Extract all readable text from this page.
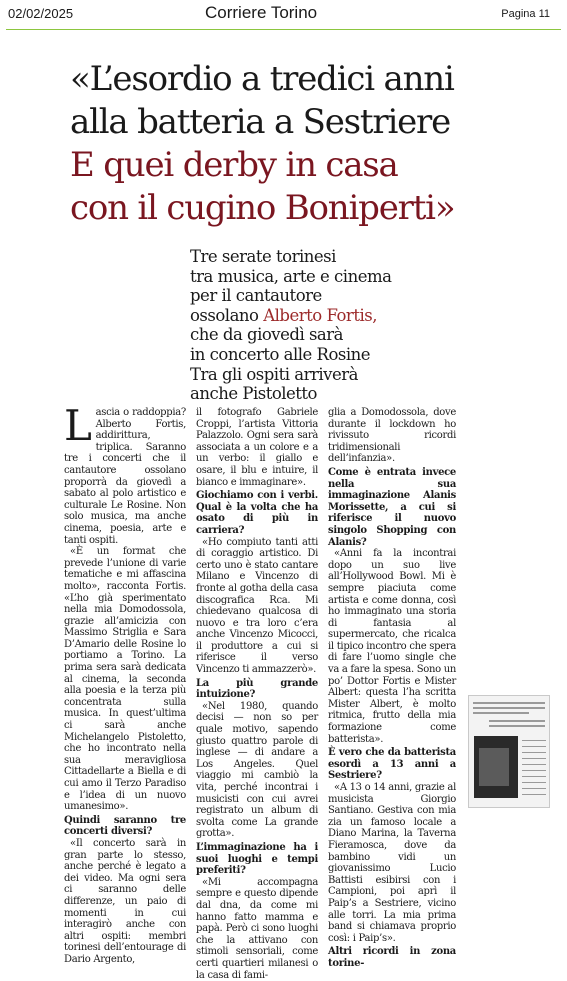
02/02/2025	Corriere Torino	Pagina 11
«L’esordio a tredici anni
alla batteria a Sestriere
E quei derby in casa
con il cugino Boniperti»
Tre serate torinesi
tra musica, arte e cinema
per il cantautore
ossolano Alberto Fortis,
che da giovedì sarà
in concerto alle Rosine
Tra gli ospiti arriverà
anche Pistoletto

Lascia o raddoppia? Alberto Fortis, addirittura, triplica. Saranno tre i concerti che il cantautore ossolano proporrà da giovedì a sabato al polo artistico e culturale Le Rosine. Non solo musica, ma anche cinema, poesia, arte e tanti ospiti.

«È un format che prevede l’unione di varie tematiche e mi affascina molto», racconta Fortis. «L’ho già sperimentato nella mia Domodossola, grazie all’amicizia con Massimo Striglia e Sara D’Amario delle Rosine lo portiamo a Torino. La prima sera sarà dedicata al cinema, la seconda alla poesia e la terza più concentrata sulla musica. In quest’ultima ci sarà anche Michelangelo Pistoletto, che ho incontrato nella sua meravigliosa Cittadellarte a Biella e di cui amo il Terzo Paradiso e l’idea di un nuovo umanesimo».

Quindi saranno tre concerti diversi?

«Il concerto sarà in gran parte lo stesso, anche perché è legato a dei video. Ma ogni sera ci saranno delle differenze, un paio di momenti in cui interagirò anche con altri ospiti: membri torinesi dell’entourage di Dario Argento,

il fotografo Gabriele Croppi, l’artista Vittoria Palazzolo. Ogni sera sarà associata a un colore e a un verbo: il giallo e osare, il blu e intuire, il bianco e immaginare».

Giochiamo con i verbi. Qual è la volta che ha osato di più in carriera?

«Ho compiuto tanti atti di coraggio artistico. Di certo uno è stato cantare Milano e Vincenzo di fronte al gotha della casa discografica Rca. Mi chiedevano qualcosa di nuovo e tra loro c’era anche Vincenzo Micocci, il produttore a cui si riferisce il verso Vincenzo ti ammazzerò».

La più grande intuizione?

«Nel 1980, quando decisi — non so per quale motivo, sapendo giusto quattro parole di inglese — di andare a Los Angeles. Quel viaggio mi cambiò la vita, perché incontrai i musicisti con cui avrei registrato un album di svolta come La grande grotta».

L’immaginazione ha i suoi luoghi e tempi preferiti?

«Mi accompagna sempre e questo dipende dal dna, da come mi hanno fatto mamma e papà. Però ci sono luoghi che la attivano con stimoli sensoriali, come certi quartieri milanesi o la casa di fami-

glia a Domodossola, dove durante il lockdown ho rivissuto ricordi tridimensionali dell’infanzia».

Come è entrata invece nella sua immaginazione Alanis Morissette, a cui si riferisce il nuovo singolo Shopping con Alanis?

«Anni fa la incontrai dopo un suo live all’Hollywood Bowl. Mi è sempre piaciuta come artista e come donna, così ho immaginato una storia di fantasia al supermercato, che ricalca il tipico incontro che spera di fare l’uomo single che va a fare la spesa. Sono un po’ Dottor Fortis e Mister Albert: questa l’ha scritta Mister Albert, è molto ritmica, frutto della mia formazione come batterista».

È vero che da batterista esordì a 13 anni a Sestriere?

«A 13 o 14 anni, grazie al musicista Giorgio Santiano. Gestiva con mia zia un famoso locale a Diano Marina, la Taverna Fieramosca, dove da bambino vidi un giovanissimo Lucio Battisti esibirsi con i Campioni, poi aprì il Paip’s a Sestriere, vicino alle torri. La mia prima band si chiamava proprio così: i Paip’s».

Altri ricordi in zona torine-
